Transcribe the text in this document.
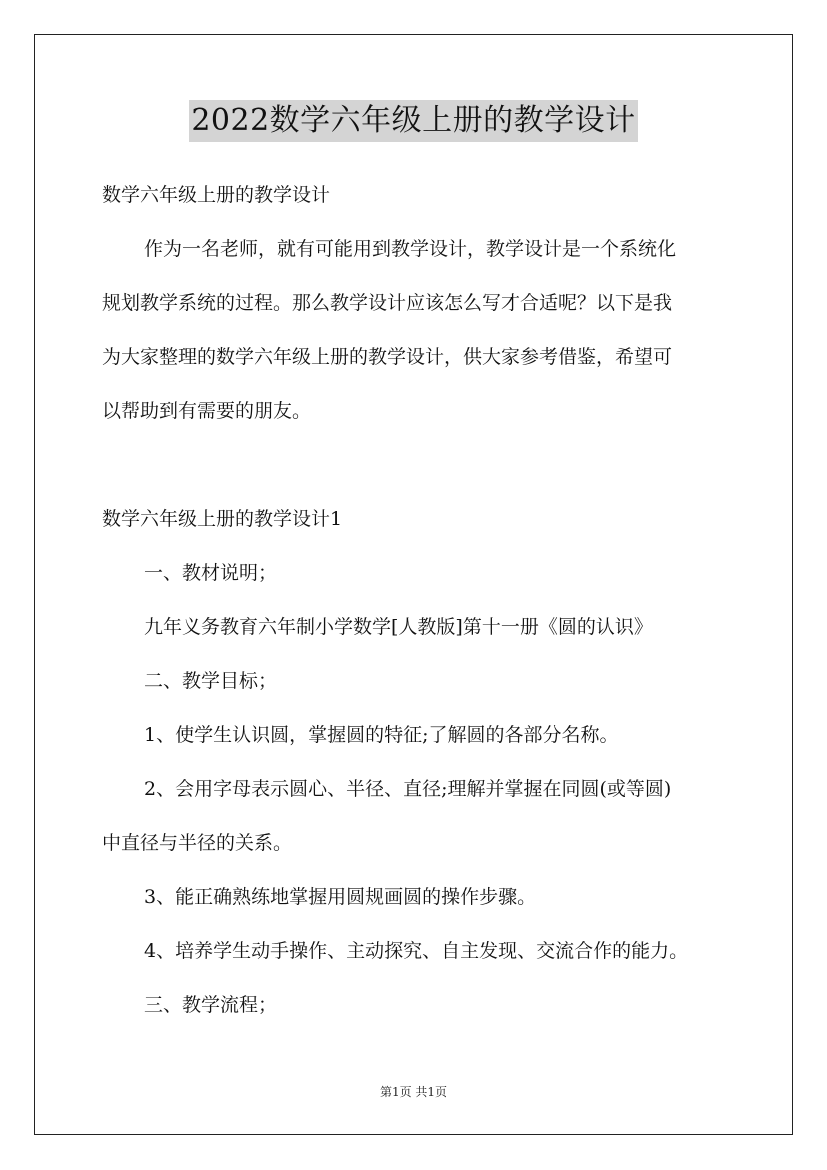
2022数学六年级上册的教学设计
数学六年级上册的教学设计
作为一名老师，就有可能用到教学设计，教学设计是一个系统化
规划教学系统的过程。那么教学设计应该怎么写才合适呢？以下是我
为大家整理的数学六年级上册的教学设计，供大家参考借鉴，希望可
以帮助到有需要的朋友。
数学六年级上册的教学设计1
一、教材说明；
九年义务教育六年制小学数学[人教版]第十一册《圆的认识》
二、教学目标；
1、使学生认识圆，掌握圆的特征;了解圆的各部分名称。
2、会用字母表示圆心、半径、直径;理解并掌握在同圆(或等圆)
中直径与半径的关系。
3、能正确熟练地掌握用圆规画圆的操作步骤。
4、培养学生动手操作、主动探究、自主发现、交流合作的能力。
三、教学流程；
第1页 共1页
